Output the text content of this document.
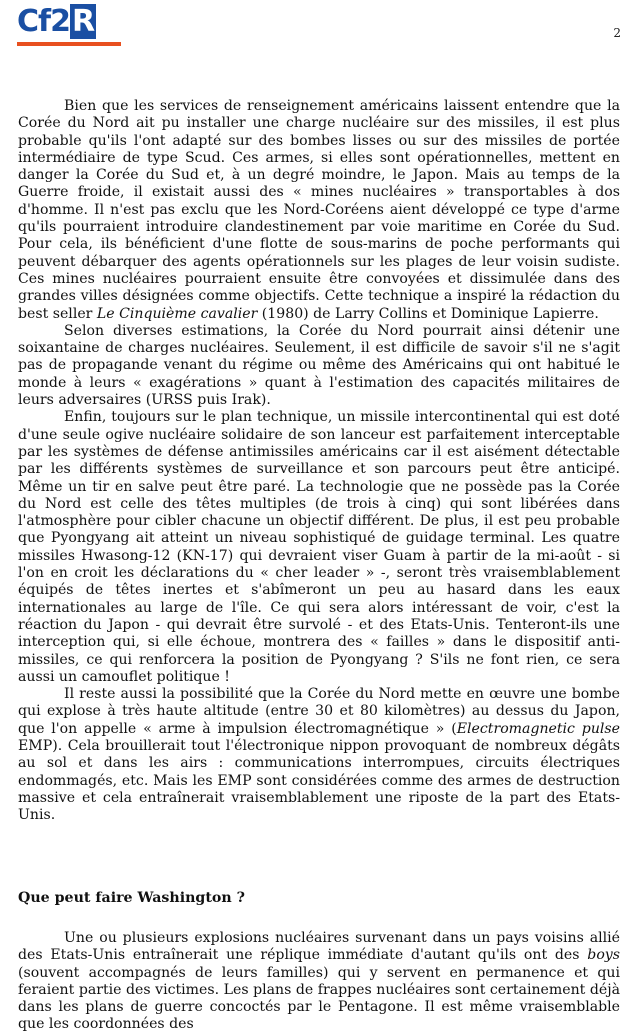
Cf2R	2

Bien que les services de renseignement américains laissent entendre que la Corée du Nord ait pu installer une charge nucléaire sur des missiles, il est plus probable qu'ils l'ont adapté sur des bombes lisses ou sur des missiles de portée intermédiaire de type Scud. Ces armes, si elles sont opérationnelles, mettent en danger la Corée du Sud et, à un degré moindre, le Japon. Mais au temps de la Guerre froide, il existait aussi des « mines nucléaires » transportables à dos d'homme. Il n'est pas exclu que les Nord-Coréens aient développé ce type d'arme qu'ils pourraient introduire clandestinement par voie maritime en Corée du Sud. Pour cela, ils bénéficient d'une flotte de sous-marins de poche performants qui peuvent débarquer des agents opérationnels sur les plages de leur voisin sudiste. Ces mines nucléaires pourraient ensuite être convoyées et dissimulée dans des grandes villes désignées comme objectifs. Cette technique a inspiré la rédaction du best seller Le Cinquième cavalier (1980) de Larry Collins et Dominique Lapierre.

Selon diverses estimations, la Corée du Nord pourrait ainsi détenir une soixantaine de charges nucléaires. Seulement, il est difficile de savoir s'il ne s'agit pas de propagande venant du régime ou même des Américains qui ont habitué le monde à leurs « exagérations » quant à l'estimation des capacités militaires de leurs adversaires (URSS puis Irak).

Enfin, toujours sur le plan technique, un missile intercontinental qui est doté d'une seule ogive nucléaire solidaire de son lanceur est parfaitement interceptable par les systèmes de défense antimissiles américains car il est aisément détectable par les différents systèmes de surveillance et son parcours peut être anticipé. Même un tir en salve peut être paré. La technologie que ne possède pas la Corée du Nord est celle des têtes multiples (de trois à cinq) qui sont libérées dans l'atmosphère pour cibler chacune un objectif différent. De plus, il est peu probable que Pyongyang ait atteint un niveau sophistiqué de guidage terminal. Les quatre missiles Hwasong-12 (KN-17) qui devraient viser Guam à partir de la mi-août - si l'on en croit les déclarations du « cher leader » -, seront très vraisemblablement équipés de têtes inertes et s'abîmeront un peu au hasard dans les eaux internationales au large de l'île. Ce qui sera alors intéressant de voir, c'est la réaction du Japon - qui devrait être survolé - et des Etats-Unis. Tenteront-ils une interception qui, si elle échoue, montrera des « failles » dans le dispositif anti-missiles, ce qui renforcera la position de Pyongyang ? S'ils ne font rien, ce sera aussi un camouflet politique !

Il reste aussi la possibilité que la Corée du Nord mette en œuvre une bombe qui explose à très haute altitude (entre 30 et 80 kilomètres) au dessus du Japon, que l'on appelle « arme à impulsion électromagnétique » (Electromagnetic pulse EMP). Cela brouillerait tout l'électronique nippon provoquant de nombreux dégâts au sol et dans les airs : communications interrompues, circuits électriques endommagés, etc. Mais les EMP sont considérées comme des armes de destruction massive et cela entraînerait vraisemblablement une riposte de la part des Etats-Unis.

Que peut faire Washington ?

Une ou plusieurs explosions nucléaires survenant dans un pays voisins allié des Etats-Unis entraînerait une réplique immédiate d'autant qu'ils ont des boys (souvent accompagnés de leurs familles) qui y servent en permanence et qui feraient partie des victimes. Les plans de frappes nucléaires sont certainement déjà dans les plans de guerre concoctés par le Pentagone. Il est même vraisemblable que les coordonnées des
